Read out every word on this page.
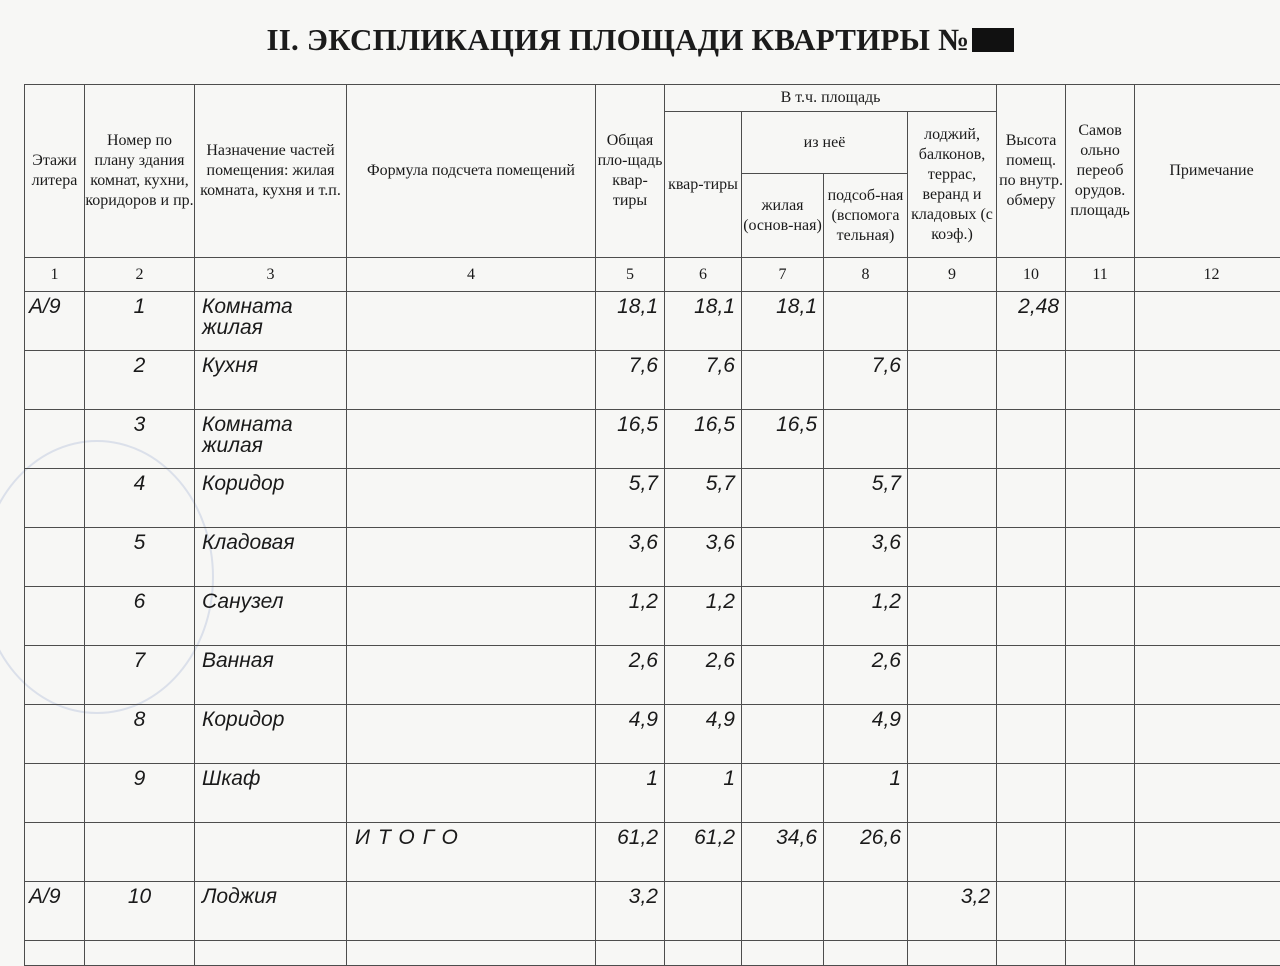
II. ЭКСПЛИКАЦИЯ ПЛОЩАДИ КВАРТИРЫ №
Этажи литера	Номер по плану здания комнат, кухни, коридоров и пр.	Назначение частей помещения: жилая комната, кухня и т.п.	Формула подсчета помещений	Общая пло-щадь квар-тиры	В т.ч. площадь				Высота помещ. по внутр. обмеру	Самов ольно переоб орудов. площадь	Примечание
					квар-тиры	из неё		лоджий, балконов, террас, веранд и кладовых (с коэф.)			
						жилая (основ-ная)	подсоб-ная (вспомога тельная)				
1	2	3	4	5	6	7	8	9	10	11	12
А/9	1	Комната жилая		18,1	18,1	18,1			2,48		
	2	Кухня		7,6	7,6		7,6				
	3	Комната жилая		16,5	16,5	16,5					
	4	Коридор		5,7	5,7		5,7				
	5	Кладовая		3,6	3,6		3,6				
	6	Санузел		1,2	1,2		1,2				
	7	Ванная		2,6	2,6		2,6				
	8	Коридор		4,9	4,9		4,9				
	9	Шкаф		1	1		1				
			ИТОГО	61,2	61,2	34,6	26,6				
А/9	10	Лоджия		3,2				3,2			
